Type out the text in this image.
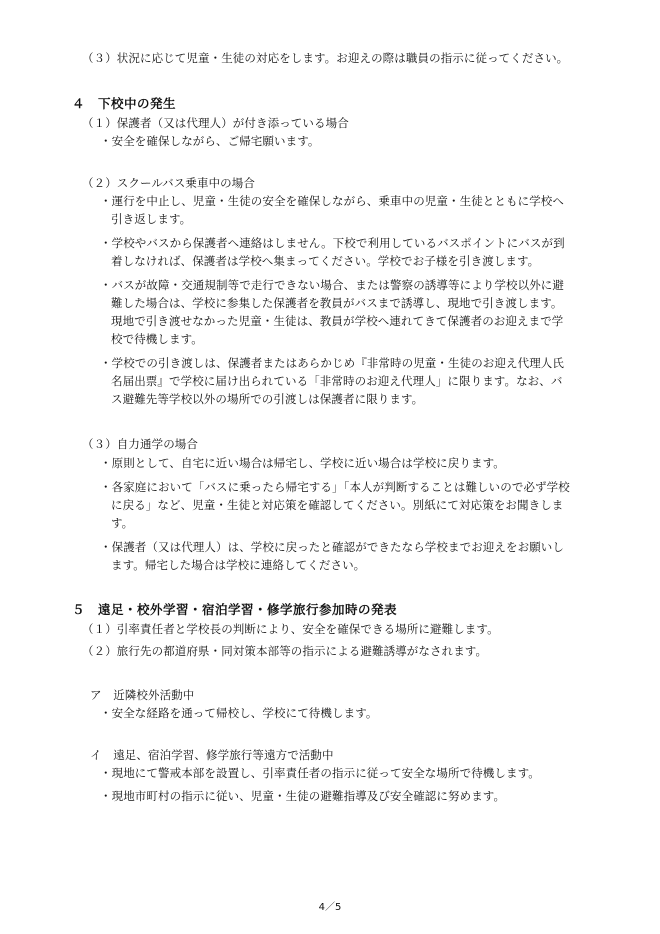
（３）状況に応じて児童・生徒の対応をします。お迎えの際は職員の指示に従ってください。

４　下校中の発生

（１）保護者（又は代理人）が付き添っている場合

・安全を確保しながら、ご帰宅願います。

（２）スクールバス乗車中の場合

・運行を中止し、児童・生徒の安全を確保しながら、乗車中の児童・生徒とともに学校へ

引き返します。

・学校やバスから保護者へ連絡はしません。下校で利用しているバスポイントにバスが到

着しなければ、保護者は学校へ集まってください。学校でお子様を引き渡します。

・バスが故障・交通規制等で走行できない場合、または警察の誘導等により学校以外に避

難した場合は、学校に参集した保護者を教員がバスまで誘導し、現地で引き渡します。

現地で引き渡せなかった児童・生徒は、教員が学校へ連れてきて保護者のお迎えまで学

校で待機します。

・学校での引き渡しは、保護者またはあらかじめ『非常時の児童・生徒のお迎え代理人氏

名届出票』で学校に届け出られている「非常時のお迎え代理人」に限ります。なお、バ

ス避難先等学校以外の場所での引渡しは保護者に限ります。

（３）自力通学の場合

・原則として、自宅に近い場合は帰宅し、学校に近い場合は学校に戻ります。

・各家庭において「バスに乗ったら帰宅する」「本人が判断することは難しいので必ず学校

に戻る」など、児童・生徒と対応策を確認してください。別紙にて対応策をお聞きしま

す。

・保護者（又は代理人）は、学校に戻ったと確認ができたなら学校までお迎えをお願いし

ます。帰宅した場合は学校に連絡してください。

５　遠足・校外学習・宿泊学習・修学旅行参加時の発表

（１）引率責任者と学校長の判断により、安全を確保できる場所に避難します。

（２）旅行先の都道府県・同対策本部等の指示による避難誘導がなされます。

ア　近隣校外活動中

・安全な経路を通って帰校し、学校にて待機します。

イ　遠足、宿泊学習、修学旅行等遠方で活動中

・現地にて警戒本部を設置し、引率責任者の指示に従って安全な場所で待機します。

・現地市町村の指示に従い、児童・生徒の避難指導及び安全確認に努めます。

4／5
